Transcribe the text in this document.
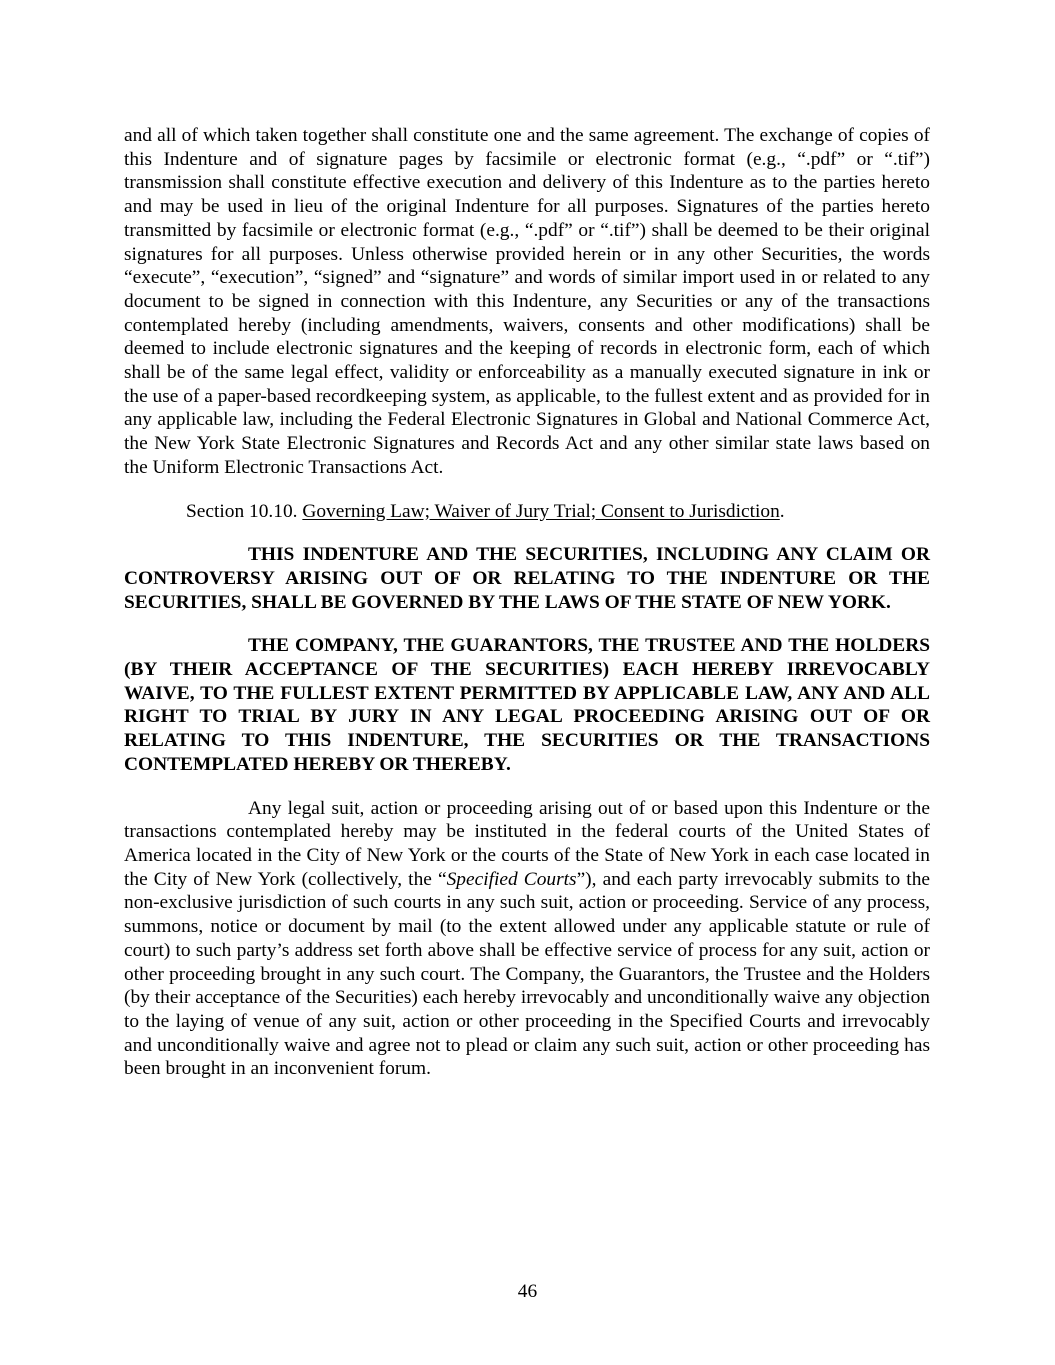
and all of which taken together shall constitute one and the same agreement. The exchange of copies of this Indenture and of signature pages by facsimile or electronic format (e.g., “.pdf” or “.tif”) transmission shall constitute effective execution and delivery of this Indenture as to the parties hereto and may be used in lieu of the original Indenture for all purposes. Signatures of the parties hereto transmitted by facsimile or electronic format (e.g., “.pdf” or “.tif”) shall be deemed to be their original signatures for all purposes. Unless otherwise provided herein or in any other Securities, the words “execute”, “execution”, “signed” and “signature” and words of similar import used in or related to any document to be signed in connection with this Indenture, any Securities or any of the transactions contemplated hereby (including amendments, waivers, consents and other modifications) shall be deemed to include electronic signatures and the keeping of records in electronic form, each of which shall be of the same legal effect, validity or enforceability as a manually executed signature in ink or the use of a paper-based recordkeeping system, as applicable, to the fullest extent and as provided for in any applicable law, including the Federal Electronic Signatures in Global and National Commerce Act, the New York State Electronic Signatures and Records Act and any other similar state laws based on the Uniform Electronic Transactions Act.

Section 10.10. Governing Law; Waiver of Jury Trial; Consent to Jurisdiction.

THIS INDENTURE AND THE SECURITIES, INCLUDING ANY CLAIM OR CONTROVERSY ARISING OUT OF OR RELATING TO THE INDENTURE OR THE SECURITIES, SHALL BE GOVERNED BY THE LAWS OF THE STATE OF NEW YORK.

THE COMPANY, THE GUARANTORS, THE TRUSTEE AND THE HOLDERS (BY THEIR ACCEPTANCE OF THE SECURITIES) EACH HEREBY IRREVOCABLY WAIVE, TO THE FULLEST EXTENT PERMITTED BY APPLICABLE LAW, ANY AND ALL RIGHT TO TRIAL BY JURY IN ANY LEGAL PROCEEDING ARISING OUT OF OR RELATING TO THIS INDENTURE, THE SECURITIES OR THE TRANSACTIONS CONTEMPLATED HEREBY OR THEREBY.

Any legal suit, action or proceeding arising out of or based upon this Indenture or the transactions contemplated hereby may be instituted in the federal courts of the United States of America located in the City of New York or the courts of the State of New York in each case located in the City of New York (collectively, the “Specified Courts”), and each party irrevocably submits to the non-exclusive jurisdiction of such courts in any such suit, action or proceeding. Service of any process, summons, notice or document by mail (to the extent allowed under any applicable statute or rule of court) to such party’s address set forth above shall be effective service of process for any suit, action or other proceeding brought in any such court. The Company, the Guarantors, the Trustee and the Holders (by their acceptance of the Securities) each hereby irrevocably and unconditionally waive any objection to the laying of venue of any suit, action or other proceeding in the Specified Courts and irrevocably and unconditionally waive and agree not to plead or claim any such suit, action or other proceeding has been brought in an inconvenient forum.

46
